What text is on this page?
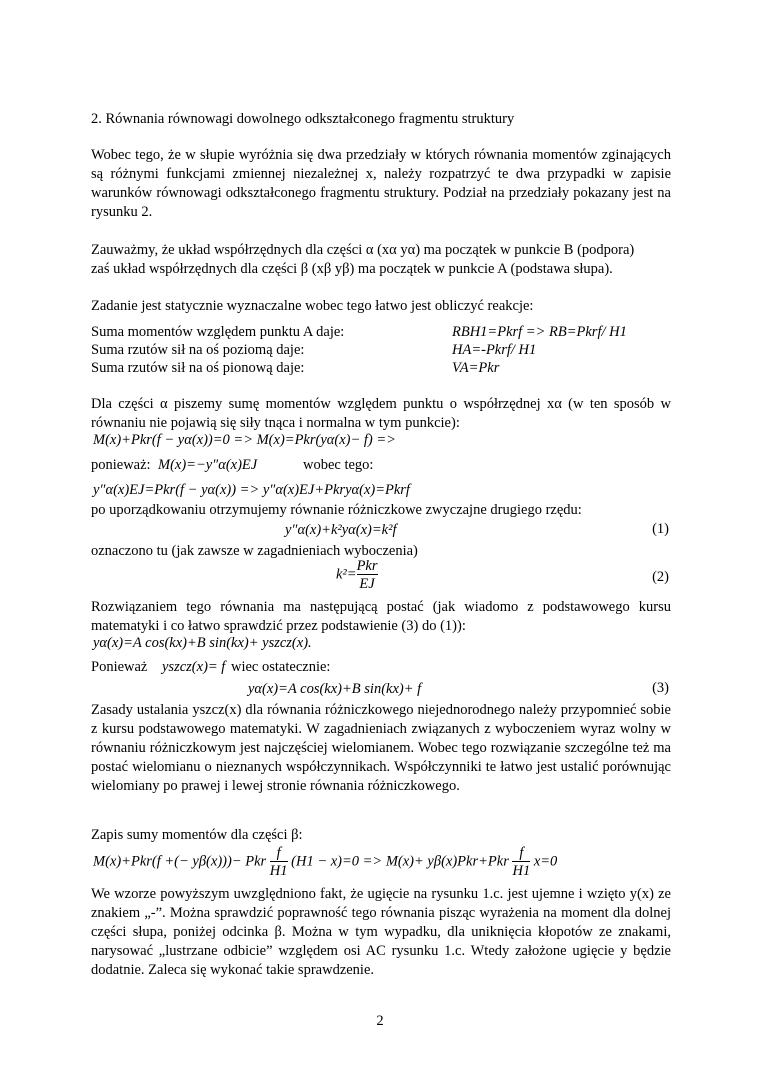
2. Równania równowagi dowolnego odkształconego fragmentu struktury
Wobec tego, że w słupie wyróżnia się dwa przedziały w których równania momentów zginających są różnymi funkcjami zmiennej niezależnej x, należy rozpatrzyć te dwa przypadki w zapisie warunków równowagi odkształconego fragmentu struktury. Podział na przedziały pokazany jest na rysunku 2.
Zauważmy, że układ współrzędnych dla części α (xα yα) ma początek w punkcie B (podpora)
zaś układ współrzędnych dla części β (xβ yβ) ma początek w punkcie A (podstawa słupa).
Zadanie jest statycznie wyznaczalne wobec tego łatwo jest obliczyć reakcje:
Suma momentów względem punktu A daje:	RBH1=Pkrf => RB=Pkrf/ H1
Suma rzutów sił na oś poziomą daje:	HA=-Pkrf/ H1
Suma rzutów sił na oś pionową daje:	VA=Pkr
Dla części α piszemy sumę momentów względem punktu o współrzędnej xα (w ten sposób w równaniu nie pojawią się siły tnąca i normalna w tym punkcie):
M(x)+Pkr(f − yα(x))=0 => M(x)=Pkr(yα(x)− f) =>
ponieważ: M(x)=−y″α(x)EJ	wobec tego:
y″α(x)EJ=Pkr(f − yα(x)) => y″α(x)EJ+Pkryα(x)=Pkrf
po uporządkowaniu otrzymujemy równanie różniczkowe zwyczajne drugiego rzędu:
y″α(x)+k²yα(x)=k²f	(1)
oznaczono tu (jak zawsze w zagadnieniach wyboczenia)
$k^2= \frac{\text{Pkr}}{EJ}$	(2)
Rozwiązaniem tego równania ma następującą postać (jak wiadomo z podstawowego kursu matematyki i co łatwo sprawdzić przez podstawienie (3) do (1)):
yα(x)=A cos(kx)+B sin(kx)+ yszcz(x).
Ponieważ yszcz(x)= f wiec ostatecznie:
yα(x)=A cos(kx)+B sin(kx)+ f	(3)
Zasady ustalania yszcz(x) dla równania różniczkowego niejednorodnego należy przypomnieć sobie z kursu podstawowego matematyki. W zagadnieniach związanych z wyboczeniem wyraz wolny w równaniu różniczkowym jest najczęściej wielomianem. Wobec tego rozwiązanie szczególne też ma postać wielomianu o nieznanych współczynnikach. Współczynniki te łatwo jest ustalić porównując wielomiany po prawej i lewej stronie równania różniczkowego.
Zapis sumy momentów dla części β:
M(x)+Pkr(f +(− yβ(x)))− Pkr $\frac{f}{H1} (H1 - x)=0 => M(x)+ y\beta(x)Pkr+Pkr \frac{f}{H1} x=0$
We wzorze powyższym uwzględniono fakt, że ugięcie na rysunku 1.c. jest ujemne i wzięto y(x) ze znakiem „-”. Można sprawdzić poprawność tego równania pisząc wyrażenia na moment dla dolnej części słupa, poniżej odcinka β. Można w tym wypadku, dla uniknięcia kłopotów ze znakami, narysować „lustrzane odbicie” względem osi AC rysunku 1.c. Wtedy założone ugięcie y będzie dodatnie. Zaleca się wykonać takie sprawdzenie.
2
